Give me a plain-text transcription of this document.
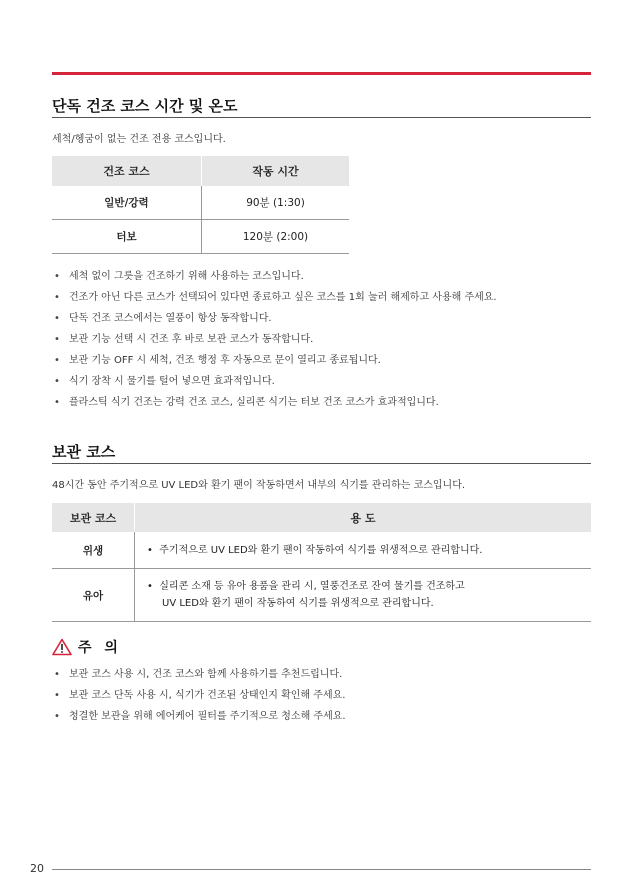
단독 건조 코스 시간 및 온도
세척/헹굼이 없는 건조 전용 코스입니다.
건조 코스	작동 시간
일반/강력	90분 (1:30)
터보	120분 (2:00)
• 세척 없이 그릇을 건조하기 위해 사용하는 코스입니다.
• 건조가 아닌 다른 코스가 선택되어 있다면 종료하고 싶은 코스를 1회 눌러 해제하고 사용해 주세요.
• 단독 건조 코스에서는 열풍이 항상 동작합니다.
• 보관 기능 선택 시 건조 후 바로 보관 코스가 동작합니다.
• 보관 기능 OFF 시 세척, 건조 행정 후 자동으로 문이 열리고 종료됩니다.
• 식기 장착 시 물기를 털어 넣으면 효과적입니다.
• 플라스틱 식기 건조는 강력 건조 코스, 실리콘 식기는 터보 건조 코스가 효과적입니다.
보관 코스
48시간 동안 주기적으로 UV LED와 환기 팬이 작동하면서 내부의 식기를 관리하는 코스입니다.
보관 코스	용 도
위생	• 주기적으로 UV LED와 환기 팬이 작동하여 식기를 위생적으로 관리합니다.

유아	• 실리콘 소재 등 유아 용품을 관리 시, 열풍건조로 잔여 물기를 건조하고
UV LED와 환기 팬이 작동하여 식기를 위생적으로 관리합니다.
주 의
• 보관 코스 사용 시, 건조 코스와 함께 사용하기를 추천드립니다.
• 보관 코스 단독 사용 시, 식기가 건조된 상태인지 확인해 주세요.
• 청결한 보관을 위해 에어케어 필터를 주기적으로 청소해 주세요.
20
